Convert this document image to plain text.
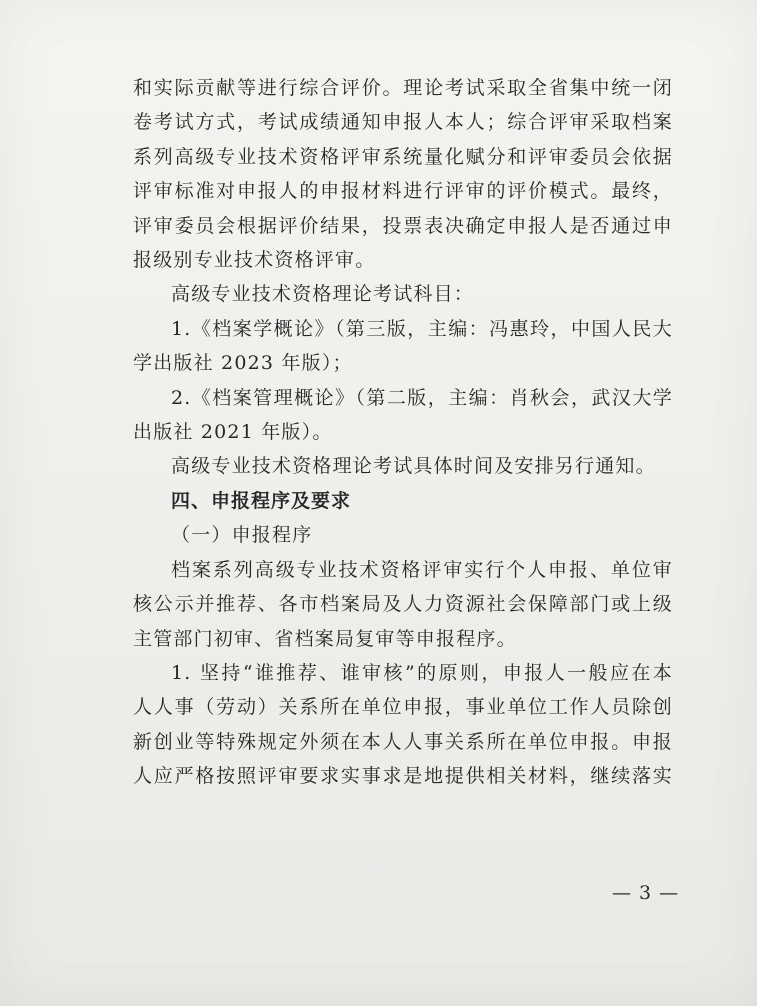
和实际贡献等进行综合评价。理论考试采取全省集中统一闭
卷考试方式，考试成绩通知申报人本人；综合评审采取档案
系列高级专业技术资格评审系统量化赋分和评审委员会依据
评审标准对申报人的申报材料进行评审的评价模式。最终，
评审委员会根据评价结果，投票表决确定申报人是否通过申
报级别专业技术资格评审。
高级专业技术资格理论考试科目：
1.《档案学概论》（第三版，主编：冯惠玲，中国人民大
学出版社 2023 年版）；
2.《档案管理概论》（第二版，主编：肖秋会，武汉大学
出版社 2021 年版）。
高级专业技术资格理论考试具体时间及安排另行通知。
四、申报程序及要求
（一）申报程序
档案系列高级专业技术资格评审实行个人申报、单位审
核公示并推荐、各市档案局及人力资源社会保障部门或上级
主管部门初审、省档案局复审等申报程序。
1. 坚持“谁推荐、谁审核”的原则，申报人一般应在本
人人事（劳动）关系所在单位申报，事业单位工作人员除创
新创业等特殊规定外须在本人人事关系所在单位申报。申报
人应严格按照评审要求实事求是地提供相关材料，继续落实
— 3 —
